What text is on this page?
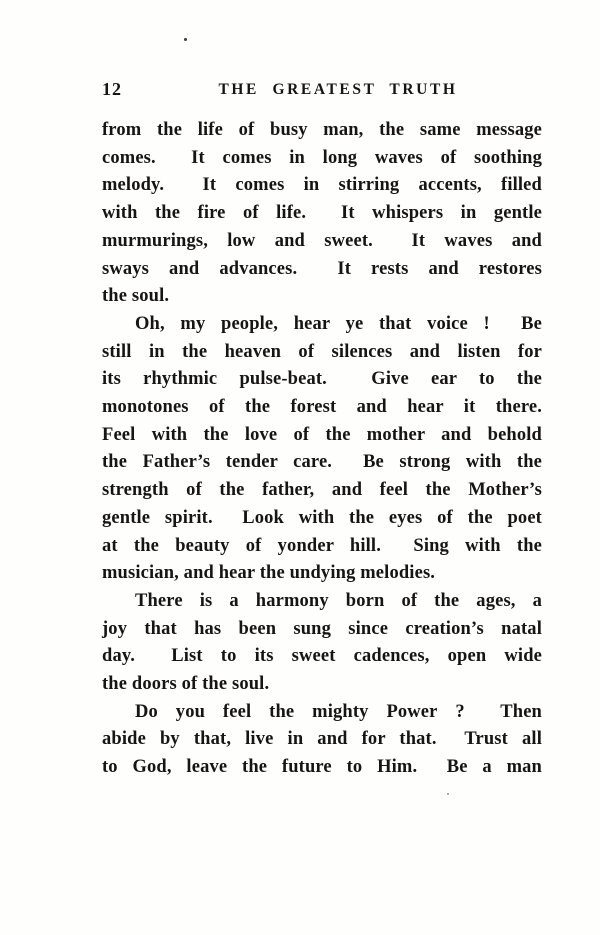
12	THE GREATEST TRUTH
from the life of busy man, the same message
comes.  It comes in long waves of soothing
melody.  It comes in stirring accents, filled
with the fire of life.  It whispers in gentle
murmurings, low and sweet.  It waves and
sways and advances.  It rests and restores
the soul.
Oh, my people, hear ye that voice !  Be
still in the heaven of silences and listen for
its rhythmic pulse-beat.  Give ear to the
monotones of the forest and hear it there.
Feel with the love of the mother and behold
the Father’s tender care.  Be strong with the
strength of the father, and feel the Mother’s
gentle spirit.  Look with the eyes of the poet
at the beauty of yonder hill.  Sing with the
musician, and hear the undying melodies.
There is a harmony born of the ages, a
joy that has been sung since creation’s natal
day.  List to its sweet cadences, open wide
the doors of the soul.
Do you feel the mighty Power ?  Then
abide by that, live in and for that.  Trust all
to God, leave the future to Him.  Be a man
